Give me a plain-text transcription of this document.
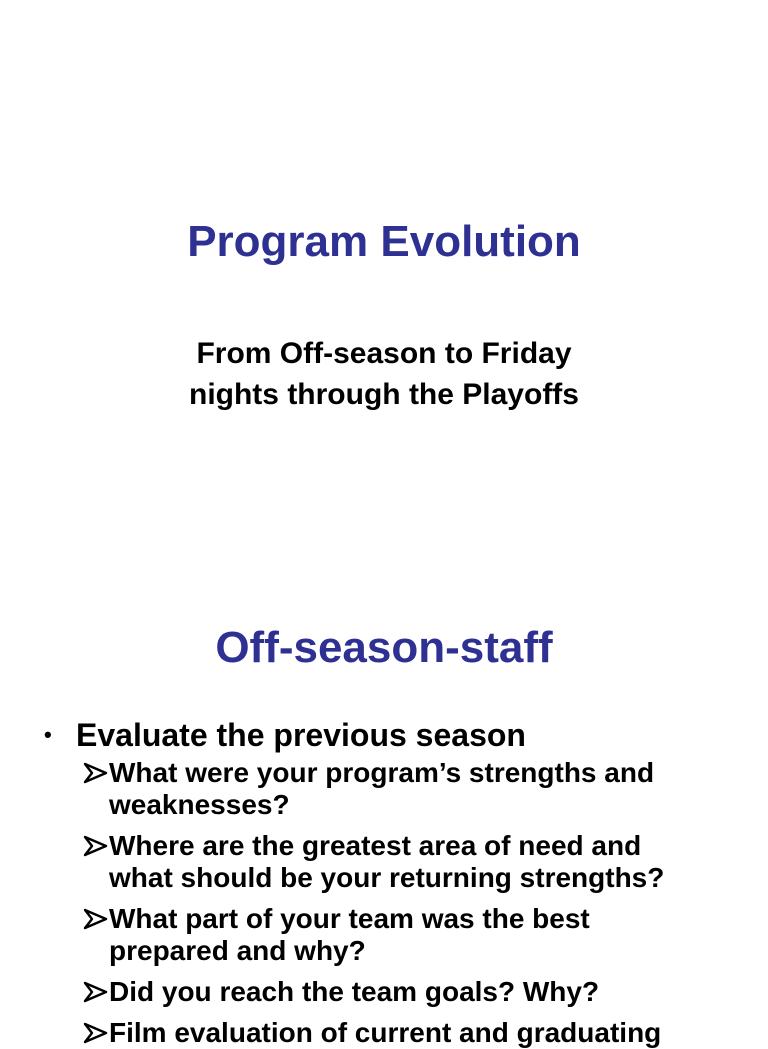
Program Evolution
From Off-season to Friday
nights through the Playoffs
Off-season-staff
• Evaluate the previous season
What were your program’s strengths and
weaknesses?
Where are the greatest area of need and
what should be your returning strengths?
What part of your team was the best
prepared and why?
Did you reach the team goals? Why?
Film evaluation of current and graduating
